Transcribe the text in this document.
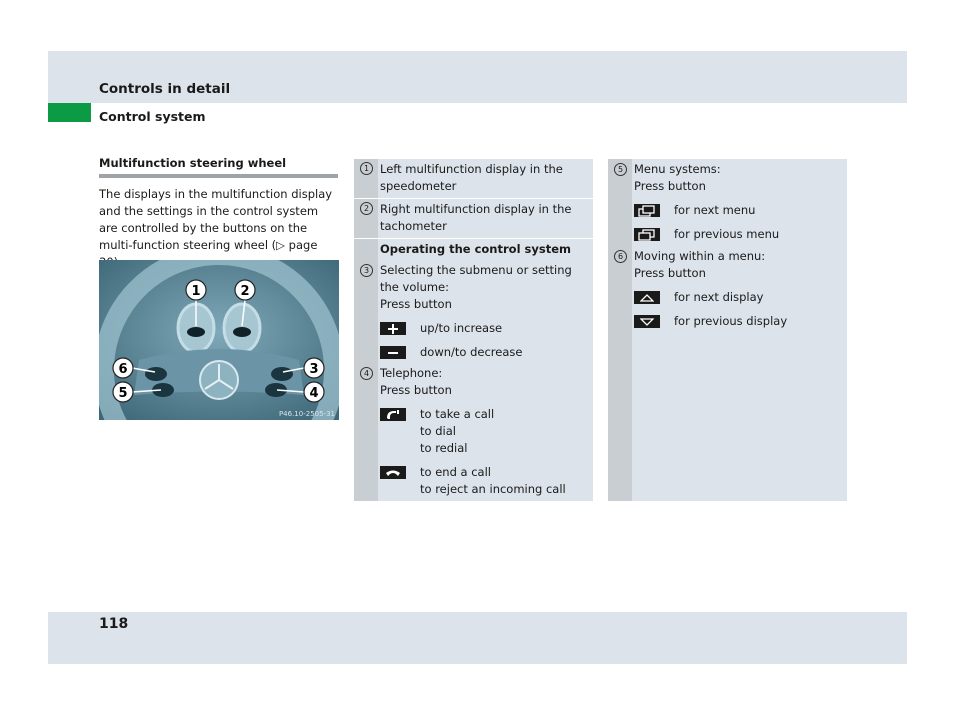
Controls in detail
Control system
Multifunction steering wheel

The displays in the multifunction display and the settings in the control system are controlled by the buttons on the multi-function steering wheel (▷ page

1	2
3
4
5
6
P46.10-2505-31
1 Left multifunction display in the speedometer
2 Right multifunction display in the tachometer
Operating the control system
3 Selecting the submenu or setting the volume:
Press button
up/to increase
down/to decrease
4 Telephone:
Press button
to take a call
to dial
to redial
to end a call
to reject an incoming call
5 Menu systems:
Press button
for next menu
for previous menu
6 Moving within a menu:
Press button
for next display
for previous display
118
